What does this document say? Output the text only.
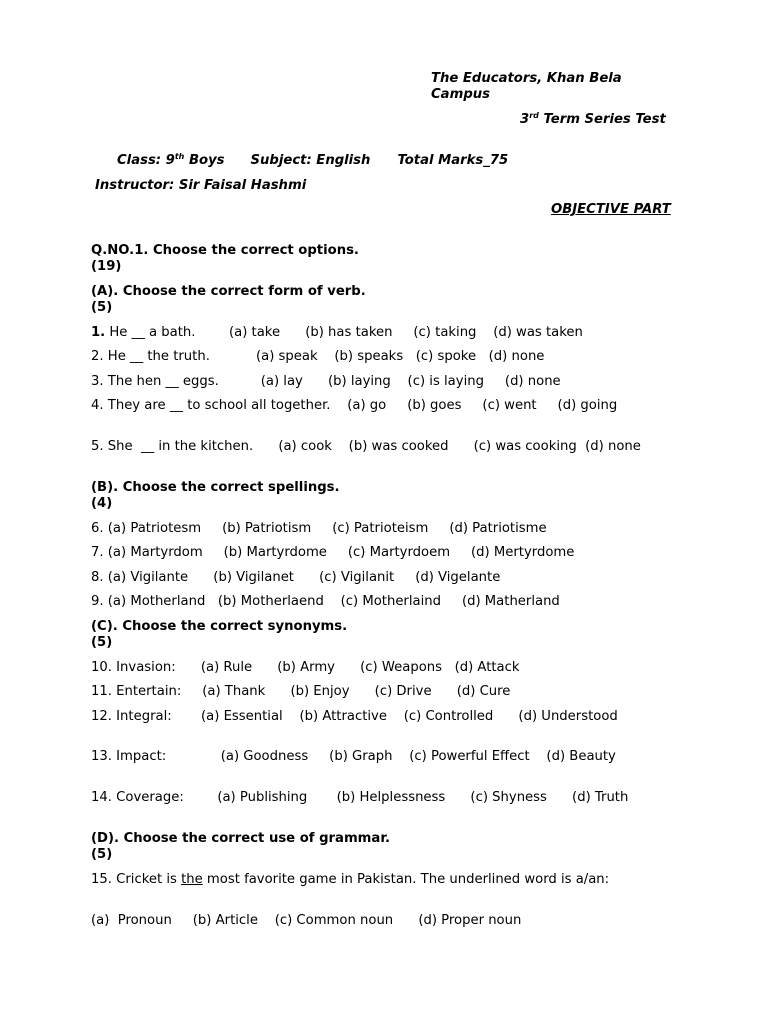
The Educators, Khan Bela Campus
3rd Term Series Test
Class: 9th Boys Subject: English Total Marks_75
Instructor: Sir Faisal Hashmi
OBJECTIVE PART
Q.NO.1. Choose the correct options.
(19)
(A). Choose the correct form of verb.
(5)
1. He __ a bath.        (a) take      (b) has taken     (c) taking    (d) was taken
2. He __ the truth.           (a) speak    (b) speaks   (c) spoke   (d) none
3. The hen __ eggs.          (a) lay      (b) laying    (c) is laying     (d) none
4. They are __ to school all together.    (a) go     (b) goes     (c) went     (d) going
5. She  __ in the kitchen.      (a) cook    (b) was cooked      (c) was cooking  (d) none
(B). Choose the correct spellings.
(4)
6. (a) Patriotesm     (b) Patriotism     (c) Patrioteism     (d) Patriotisme
7. (a) Martyrdom     (b) Martyrdome     (c) Martyrdoem     (d) Mertyrdome
8. (a) Vigilante      (b) Vigilanet      (c) Vigilanit     (d) Vigelante
9. (a) Motherland   (b) Motherlaend    (c) Motherlaind     (d) Matherland
(C). Choose the correct synonyms.
(5)
10. Invasion:      (a) Rule      (b) Army      (c) Weapons   (d) Attack
11. Entertain:     (a) Thank      (b) Enjoy      (c) Drive      (d) Cure
12. Integral:       (a) Essential    (b) Attractive    (c) Controlled      (d) Understood
13. Impact:             (a) Goodness     (b) Graph    (c) Powerful Effect    (d) Beauty
14. Coverage:        (a) Publishing       (b) Helplessness      (c) Shyness      (d) Truth
(D). Choose the correct use of grammar.
(5)
15. Cricket is the most favorite game in Pakistan. The underlined word is a/an:
(a)  Pronoun     (b) Article    (c) Common noun      (d) Proper noun
